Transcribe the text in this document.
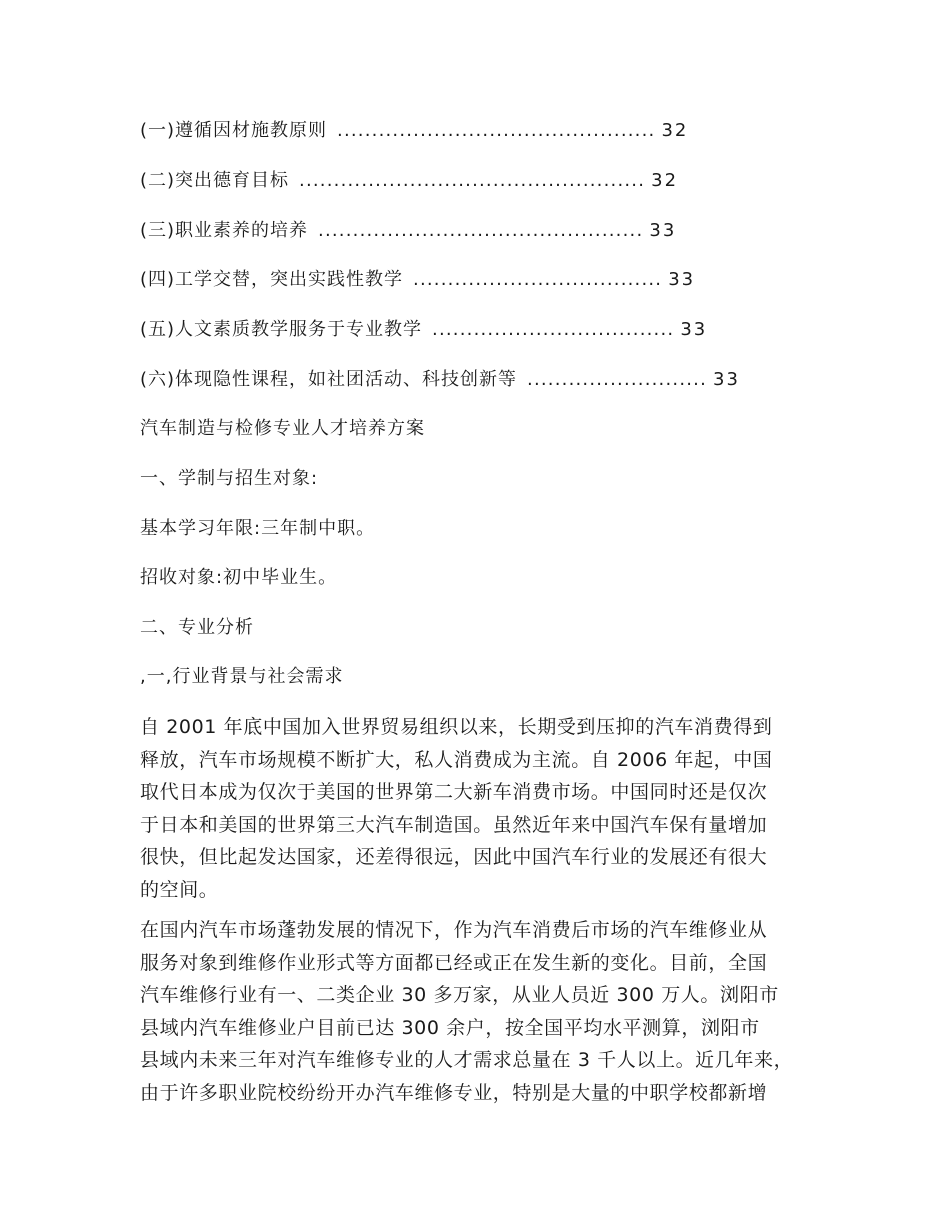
(一)遵循因材施教原则 .............................................. 32
(二)突出德育目标 .................................................. 32
(三)职业素养的培养 ............................................... 33
(四)工学交替，突出实践性教学 .................................... 33
(五)人文素质教学服务于专业教学 ................................... 33
(六)体现隐性课程，如社团活动、科技创新等 .......................... 33
汽车制造与检修专业人才培养方案
一、学制与招生对象:
基本学习年限:三年制中职。
招收对象:初中毕业生。
二、专业分析
,一,行业背景与社会需求
自 2001 年底中国加入世界贸易组织以来，长期受到压抑的汽车消费得到
释放，汽车市场规模不断扩大，私人消费成为主流。自 2006 年起，中国
取代日本成为仅次于美国的世界第二大新车消费市场。中国同时还是仅次
于日本和美国的世界第三大汽车制造国。虽然近年来中国汽车保有量增加
很快，但比起发达国家，还差得很远，因此中国汽车行业的发展还有很大
的空间。
在国内汽车市场蓬勃发展的情况下，作为汽车消费后市场的汽车维修业从
服务对象到维修作业形式等方面都已经或正在发生新的变化。目前，全国
汽车维修行业有一、二类企业 30 多万家，从业人员近 300 万人。浏阳市
县域内汽车维修业户目前已达 300 余户，按全国平均水平测算，浏阳市
县域内未来三年对汽车维修专业的人才需求总量在 3 千人以上。近几年来，
由于许多职业院校纷纷开办汽车维修专业，特别是大量的中职学校都新增
